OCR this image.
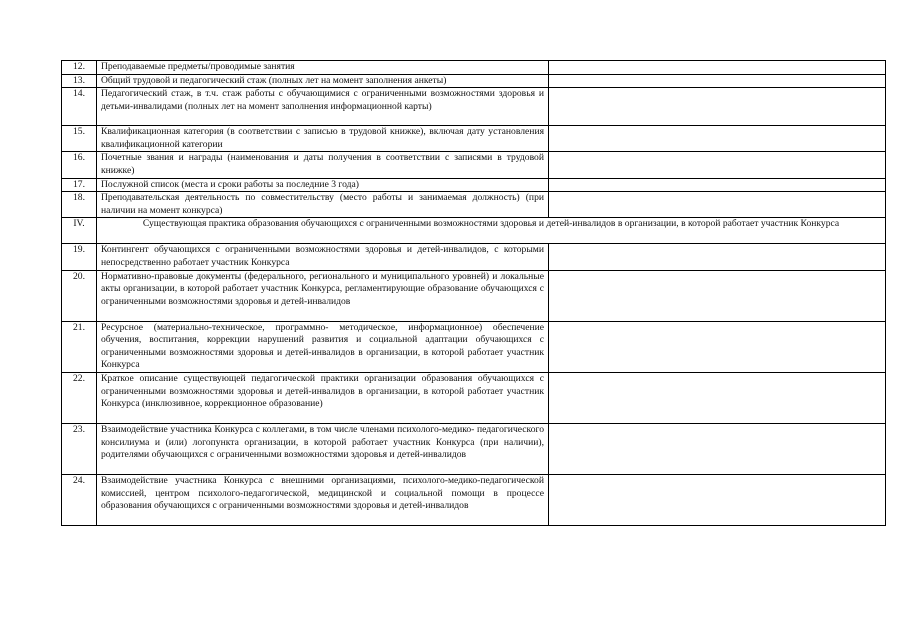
12.	Преподаваемые предметы/проводимые занятия	
13.	Общий трудовой и педагогический стаж (полных лет на момент заполнения анкеты)	
14.	Педагогический стаж, в т.ч. стаж работы с обучающимися с ограниченными возможностями здоровья и детьми-инвалидами (полных лет на момент заполнения информационной карты)	
15.	Квалификационная категория (в соответствии с записью в трудовой книжке), включая дату установления квалификационной категории	
16.	Почетные звания и награды (наименования и даты получения в соответствии с записями в трудовой книжке)	
17.	Послужной список (места и сроки работы за последние 3 года)	
18.	Преподавательская деятельность по совместительству (место работы и занимаемая должность) (при наличии на момент конкурса)	
IV.	Существующая практика образования обучающихся с ограниченными возможностями здоровья и детей-инвалидов в организации, в которой работает участник Конкурса	
19.	Контингент обучающихся с ограниченными возможностями здоровья и детей-инвалидов, с которыми непосредственно работает участник Конкурса	
20.	Нормативно-правовые документы (федерального, регионального и муниципального уровней) и локальные акты организации, в которой работает участник Конкурса, регламентирующие образование обучающихся с ограниченными возможностями здоровья и детей-инвалидов	
21.	Ресурсное (материально-техническое, программно- методическое, информационное) обеспечение обучения, воспитания, коррекции нарушений развития и социальной адаптации обучающихся с ограниченными возможностями здоровья и детей-инвалидов в организации, в которой работает участник Конкурса	
22.	Краткое описание существующей педагогической практики организации образования обучающихся с ограниченными возможностями здоровья и детей-инвалидов в организации, в которой работает участник Конкурса (инклюзивное, коррекционное образование)	
23.	Взаимодействие участника Конкурса с коллегами, в том числе членами психолого-медико- педагогического консилиума и (или) логопункта организации, в которой работает участник Конкурса (при наличии), родителями обучающихся с ограниченными возможностями здоровья и детей-инвалидов	
24.	Взаимодействие участника Конкурса с внешними организациями, психолого-медико-педагогической комиссией, центром психолого-педагогической, медицинской и социальной помощи в процессе образования обучающихся с ограниченными возможностями здоровья и детей-инвалидов	
